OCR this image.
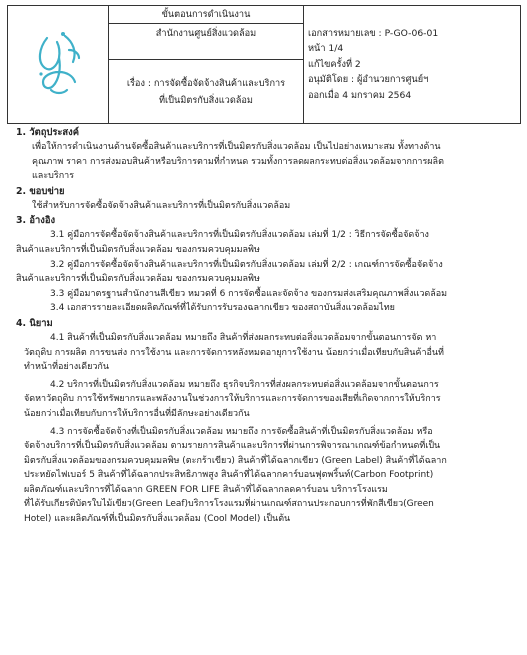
	ขั้นตอนการดำเนินงาน	
เอกสารหมายเลข : P-GO-06-01
หน้า 1/4
แก้ไขครั้งที่ 2
อนุมัติโดย : ผู้อำนวยการศูนย์ฯ
ออกเมื่อ 4 มกราคม 2564

สำนักงานศูนย์สิ่งแวดล้อม

เรื่อง : การจัดซื้อจัดจ้างสินค้าและบริการ
ที่เป็นมิตรกับสิ่งแวดล้อม
1. วัตถุประสงค์
เพื่อให้การดำเนินงานด้านจัดซื้อสินค้าและบริการที่เป็นมิตรกับสิ่งแวดล้อม เป็นไปอย่างเหมาะสม ทั้งทางด้าน
คุณภาพ ราคา การส่งมอบสินค้าหรือบริการตามที่กำหนด รวมทั้งการลดผลกระทบต่อสิ่งแวดล้อมจากการผลิต
และบริการ
2. ขอบข่าย
ใช้สำหรับการจัดซื้อจัดจ้างสินค้าและบริการที่เป็นมิตรกับสิ่งแวดล้อม
3. อ้างอิง
3.1 คู่มือการจัดซื้อจัดจ้างสินค้าและบริการที่เป็นมิตรกับสิ่งแวดล้อม เล่มที่ 1/2 : วิธีการจัดซื้อจัดจ้าง
สินค้าและบริการที่เป็นมิตรกับสิ่งแวดล้อม ของกรมควบคุมมลพิษ
3.2 คู่มือการจัดซื้อจัดจ้างสินค้าและบริการที่เป็นมิตรกับสิ่งแวดล้อม เล่มที่ 2/2 : เกณฑ์การจัดซื้อจัดจ้าง
สินค้าและบริการที่เป็นมิตรกับสิ่งแวดล้อม ของกรมควบคุมมลพิษ
3.3 คู่มือมาตรฐานสำนักงานสีเขียว หมวดที่ 6 การจัดซื้อและจัดจ้าง ของกรมส่งเสริมคุณภาพสิ่งแวดล้อม
3.4 เอกสารรายละเอียดผลิตภัณฑ์ที่ได้รับการรับรองฉลากเขียว ของสถาบันสิ่งแวดล้อมไทย
4. นิยาม
4.1 สินค้าที่เป็นมิตรกับสิ่งแวดล้อม หมายถึง สินค้าที่ส่งผลกระทบต่อสิ่งแวดล้อมจากขั้นตอนการจัด หา
วัตถุดิบ การผลิต การขนส่ง การใช้งาน และการจัดการหลังหมดอายุการใช้งาน น้อยกว่าเมื่อเทียบกับสินค้าอื่นที่
ทำหน้าที่อย่างเดียวกัน
4.2 บริการที่เป็นมิตรกับสิ่งแวดล้อม หมายถึง ธุรกิจบริการที่ส่งผลกระทบต่อสิ่งแวดล้อมจากขั้นตอนการ
จัดหาวัตถุดิบ การใช้ทรัพยากรและพลังงานในช่วงการให้บริการและการจัดการของเสียที่เกิดจากการให้บริการ
น้อยกว่าเมื่อเทียบกับการให้บริการอื่นที่มีลักษะอย่างเดียวกัน
4.3 การจัดซื้อจัดจ้างที่เป็นมิตรกับสิ่งแวดล้อม หมายถึง การจัดซื้อสินค้าที่เป็นมิตรกับสิ่งแวดล้อม หรือ
จัดจ้างบริการที่เป็นมิตรกับสิ่งแวดล้อม ตามรายการสินค้าและบริการที่ผ่านการพิจารณาเกณฑ์ข้อกำหนดที่เป็น
มิตรกับสิ่งแวดล้อมของกรมควบคุมมลพิษ (ตะกร้าเขียว) สินค้าที่ได้ฉลากเขียว (Green Label) สินค้าที่ได้ฉลาก
ประหยัดไฟเบอร์ 5 สินค้าที่ได้ฉลากประสิทธิภาพสูง สินค้าที่ได้ฉลากคาร์บอนฟุตพริ้นท์(Carbon Footprint)
ผลิตภัณฑ์และบริการที่ได้ฉลาก GREEN FOR LIFE สินค้าที่ได้ฉลากลดคาร์บอน บริการโรงแรม
ที่ได้รับเกียรติบัตรใบไม้เขียว(Green Leaf)บริการโรงแรมที่ผ่านเกณฑ์สถานประกอบการที่พักสีเขียว(Green
Hotel) และผลิตภัณฑ์ที่เป็นมิตรกับสิ่งแวดล้อม (Cool Model) เป็นต้น
